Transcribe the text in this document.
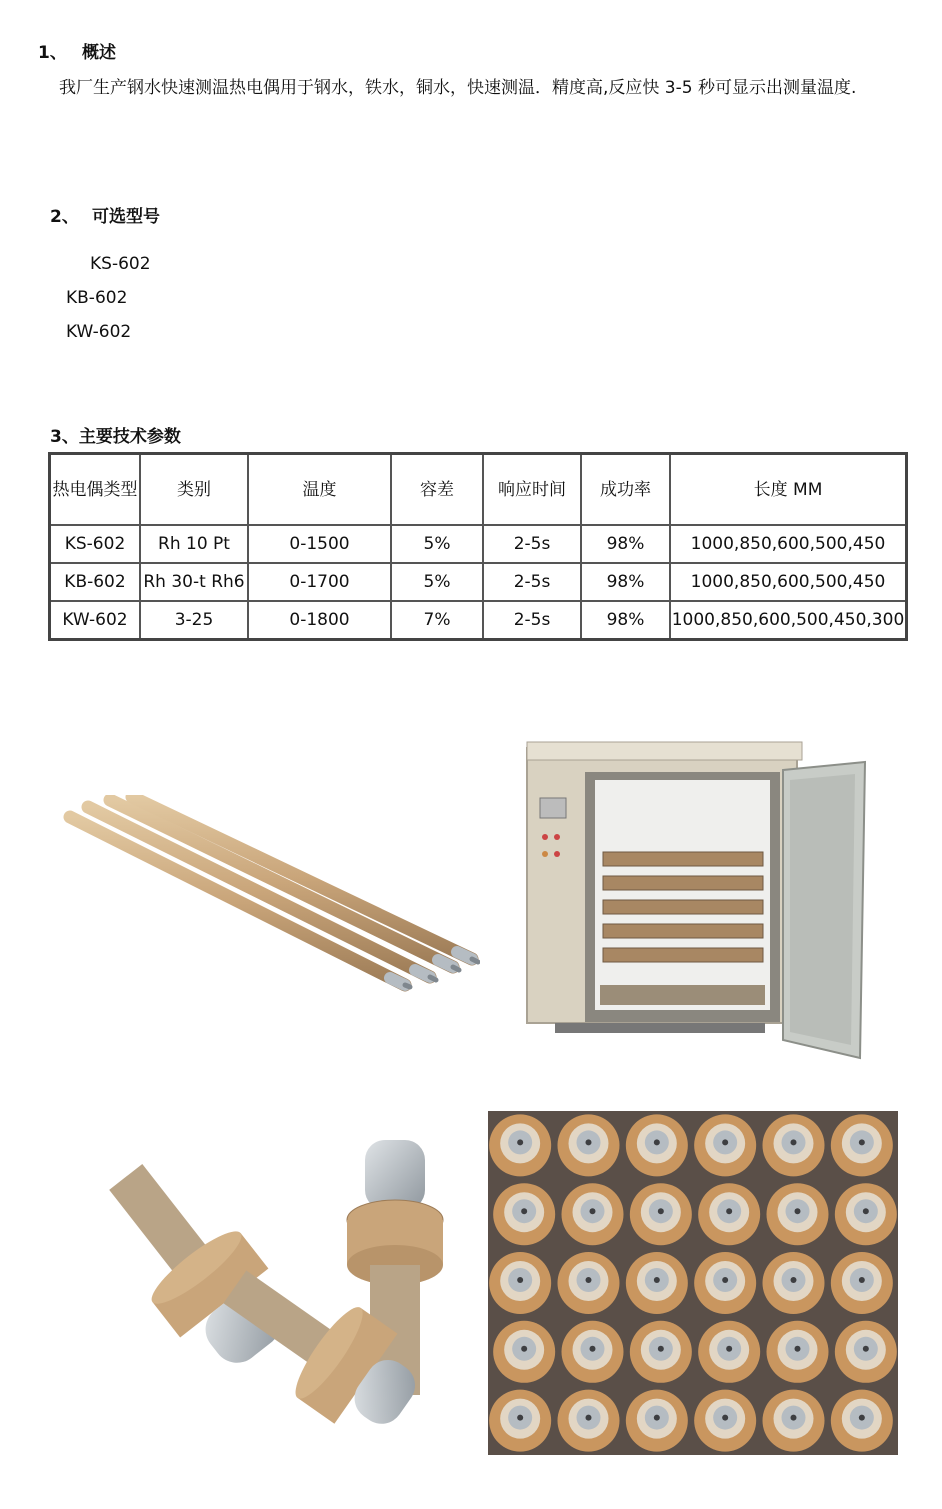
1、 概述
我厂生产钢水快速测温热电偶用于钢水，铁水，铜水，快速测温．精度高,反应快 3-5 秒可显示出测量温度.
2、 可选型号
KS-602
KB-602
KW-602
3、主要技术参数
热电偶类型	类别	温度	容差	响应时间	成功率	长度 MM
KS-602	Rh 10 Pt	0-1500	5%	2-5s	98%	1000,850,600,500,450
KB-602	Rh 30-t Rh6	0-1700	5%	2-5s	98%	1000,850,600,500,450
KW-602	3-25	0-1800	7%	2-5s	98%	1000,850,600,500,450,300
